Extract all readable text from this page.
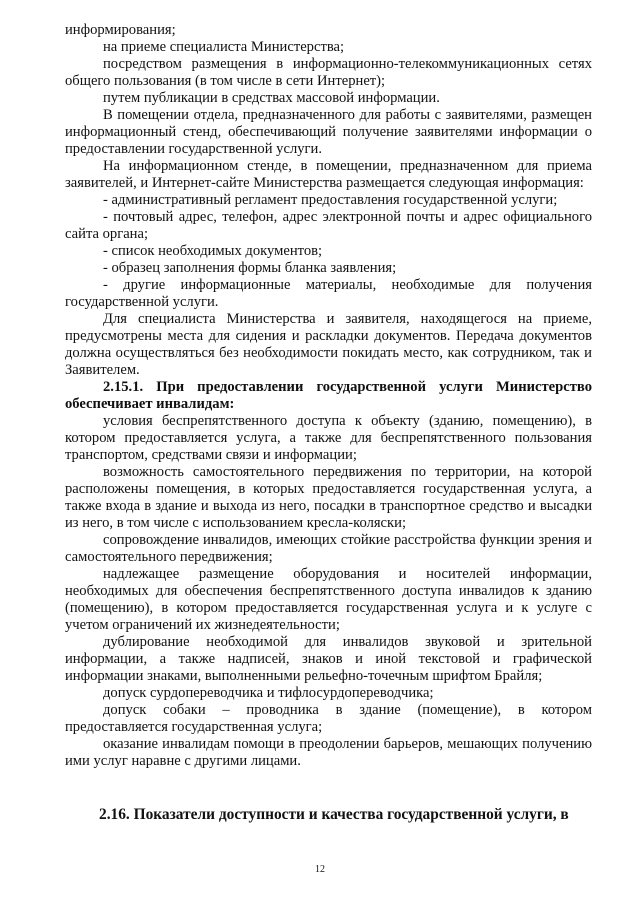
информирования;

на приеме специалиста Министерства;

посредством размещения в информационно-телекоммуникационных сетях общего пользования (в том числе в сети Интернет);

путем публикации в средствах массовой информации.

В помещении отдела, предназначенного для работы с заявителями, размещен информационный стенд, обеспечивающий получение заявителями информации о предоставлении государственной услуги.

На информационном стенде, в помещении, предназначенном для приема заявителей, и Интернет-сайте Министерства размещается следующая информация:

- административный регламент предоставления государственной услуги;

- почтовый адрес, телефон, адрес электронной почты и адрес официального сайта органа;

- список необходимых документов;

- образец заполнения формы бланка заявления;

- другие информационные материалы, необходимые для получения государственной услуги.

Для специалиста Министерства и заявителя, находящегося на приеме, предусмотрены места для сидения и раскладки документов. Передача документов должна осуществляться без необходимости покидать место, как сотрудником, так и Заявителем.

2.15.1. При предоставлении государственной услуги Министерство обеспечивает инвалидам:

условия беспрепятственного доступа к объекту (зданию, помещению), в котором предоставляется услуга, а также для беспрепятственного пользования транспортом, средствами связи и информации;

возможность самостоятельного передвижения по территории, на которой расположены помещения, в которых предоставляется государственная услуга, а также входа в здание и выхода из него, посадки в транспортное средство и высадки из него, в том числе с использованием кресла-коляски;

сопровождение инвалидов, имеющих стойкие расстройства функции зрения и самостоятельного передвижения;

надлежащее размещение оборудования и носителей информации, необходимых для обеспечения беспрепятственного доступа инвалидов к зданию (помещению), в котором предоставляется государственная услуга и к услуге с учетом ограничений их жизнедеятельности;

дублирование необходимой для инвалидов звуковой и зрительной информации, а также надписей, знаков и иной текстовой и графической информации знаками, выполненными рельефно-точечным шрифтом Брайля;

допуск сурдопереводчика и тифлосурдопереводчика;

допуск собаки – проводника в здание (помещение), в котором предоставляется государственная услуга;

оказание инвалидам помощи в преодолении барьеров, мешающих получению ими услуг наравне с другими лицами.

2.16. Показатели доступности и качества государственной услуги, в

12
